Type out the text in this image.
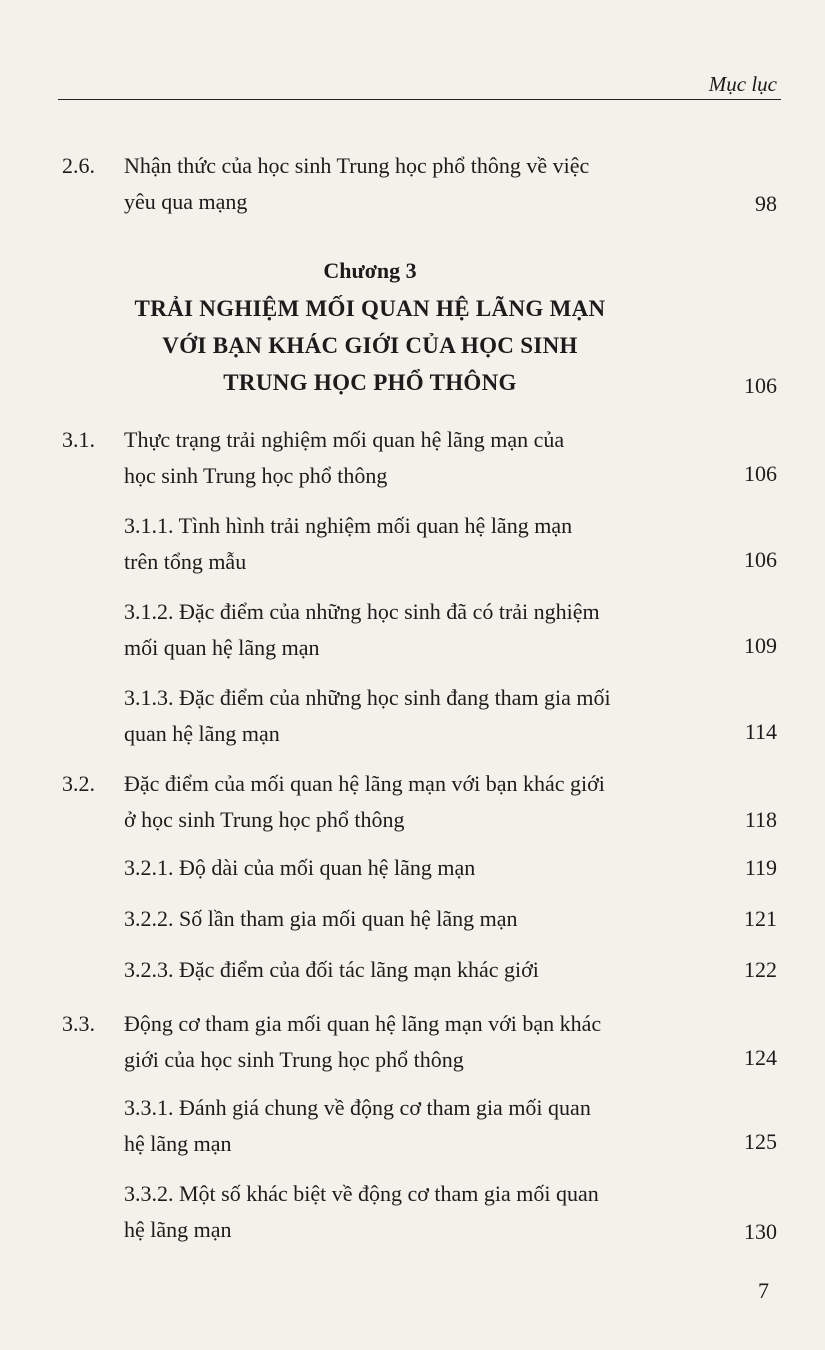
Mục lục
2.6. Nhận thức của học sinh Trung học phổ thông về việc
yêu qua mạng	98
Chương 3
TRẢI NGHIỆM MỐI QUAN HỆ LÃNG MẠN
VỚI BẠN KHÁC GIỚI CỦA HỌC SINH
TRUNG HỌC PHỔ THÔNG	106
3.1. Thực trạng trải nghiệm mối quan hệ lãng mạn của
học sinh Trung học phổ thông	106
3.1.1. Tình hình trải nghiệm mối quan hệ lãng mạn
trên tổng mẫu	106
3.1.2. Đặc điểm của những học sinh đã có trải nghiệm
mối quan hệ lãng mạn	109
3.1.3. Đặc điểm của những học sinh đang tham gia mối
quan hệ lãng mạn	114
3.2. Đặc điểm của mối quan hệ lãng mạn với bạn khác giới
ở học sinh Trung học phổ thông	118
3.2.1. Độ dài của mối quan hệ lãng mạn	119
3.2.2. Số lần tham gia mối quan hệ lãng mạn	121
3.2.3. Đặc điểm của đối tác lãng mạn khác giới	122
3.3. Động cơ tham gia mối quan hệ lãng mạn với bạn khác
giới của học sinh Trung học phổ thông	124
3.3.1. Đánh giá chung về động cơ tham gia mối quan
hệ lãng mạn	125
3.3.2. Một số khác biệt về động cơ tham gia mối quan
hệ lãng mạn	130
7
